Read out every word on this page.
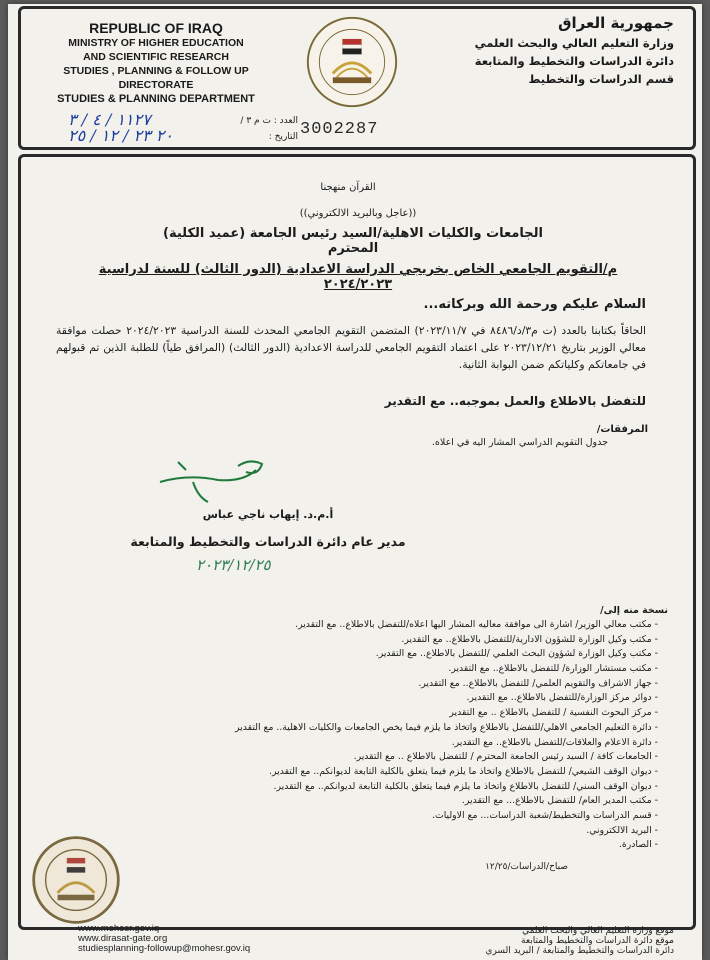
REPUBLIC OF IRAQ
MINISTRY OF HIGHER EDUCATION
AND SCIENTIFIC RESEARCH
STUDIES , PLANNING & FOLLOW UP DIRECTORATE
STUDIES & PLANNING DEPARTMENT
3002287
جمهورية العراق
وزارة التعليم العالي والبحث العلمي
دائرة الدراسات والتخطيط والمتابعة
قسم الدراسات والتخطيط
١١٢٧ / ٤ / ٣	العدد : ت م ٣ /
٢٠ ٢٣ / ١٢ / ٢٥	التاريخ :
القرآن منهجنا
((عاجل وبالبريد الالكتروني))
الجامعات والكليات الاهلية/السيد رئيس الجامعة (عميد الكلية) المحترم
م/التقويم الجامعي الخاص بخريجي الدراسة الاعدادية (الدور الثالث) للسنة لدراسية ٢٠٢٤/٢٠٢٣
السلام عليكم ورحمة الله وبركاته...
الحاقاً بكتابنا بالعدد (ت م٣/د/٨٤٨٦ في ٢٠٢٣/١١/٧) المتضمن التقويم الجامعي المحدث للسنة الدراسية ٢٠٢٤/٢٠٢٣ حصلت موافقة معالي الوزير بتاريخ ٢٠٢٣/١٢/٢١ على اعتماد التقويم الجامعي للدراسة الاعدادية (الدور الثالث) (المرافق طياً) للطلبة الذين تم قبولهم في جامعاتكم وكلياتكم ضمن البوابة الثانية.
للتفضل بالاطلاع والعمل بموجبه.. مع التقدير
المرفقات/
جدول التقويم الدراسي المشار اليه في اعلاه.
أ.م.د. إيهاب ناجي عباس
مدير عام دائرة الدراسات والتخطيط والمتابعة
٢٠٢٣/١٢/٢٥
نسخة منه إلى/
- مكتب معالي الوزير/ اشارة الى موافقة معاليه المشار اليها اعلاه/للتفضل بالاطلاع.. مع التقدير.
- مكتب وكيل الوزارة للشؤون الادارية/للتفضل بالاطلاع.. مع التقدير.
- مكتب وكيل الوزارة لشؤون البحث العلمي /للتفضل بالاطلاع.. مع التقدير.
- مكتب مستشار الوزارة/ للتفضل بالاطلاع.. مع التقدير.
- جهاز الاشراف والتقويم العلمي/ للتفضل بالاطلاع.. مع التقدير.
- دوائر مركز الوزارة/للتفضل بالاطلاع.. مع التقدير.
- مركز البحوث النفسية / للتفضل بالاطلاع .. مع التقدير
- دائرة التعليم الجامعي الاهلي/للتفضل بالاطلاع واتخاذ ما يلزم فيما يخص الجامعات والكليات الاهلية.. مع التقدير
- دائرة الاعلام والعلاقات/للتفضل بالاطلاع.. مع التقدير.
- الجامعات كافة / السيد رئيس الجامعة المحترم / للتفضل بالاطلاع .. مع التقدير.
- ديوان الوقف الشيعي/ للتفضل بالاطلاع واتخاذ ما يلزم فيما يتعلق بالكلية التابعة لديوانكم.. مع التقدير.
- ديوان الوقف السني/ للتفضل بالاطلاع واتخاذ ما يلزم فيما يتعلق بالكلية التابعة لديوانكم.. مع التقدير.
- مكتب المدير العام/ للتفضل بالاطلاع... مع التقدير.
- قسم الدراسات والتخطيط/شعبة الدراسات... مع الاوليات.
- البريد الالكتروني.
- الصادرة.
صباح/الدراسات/١٢/٢٥
www.mohesr.gov.iq
www.dirasat-gate.org
studiesplanning-followup@mohesr.gov.iq
موقع وزارة التعليم العالي والبحث العلمي
موقع دائرة الدراسات والتخطيط والمتابعة
دائرة الدراسات والتخطيط والمتابعة / البريد السري
